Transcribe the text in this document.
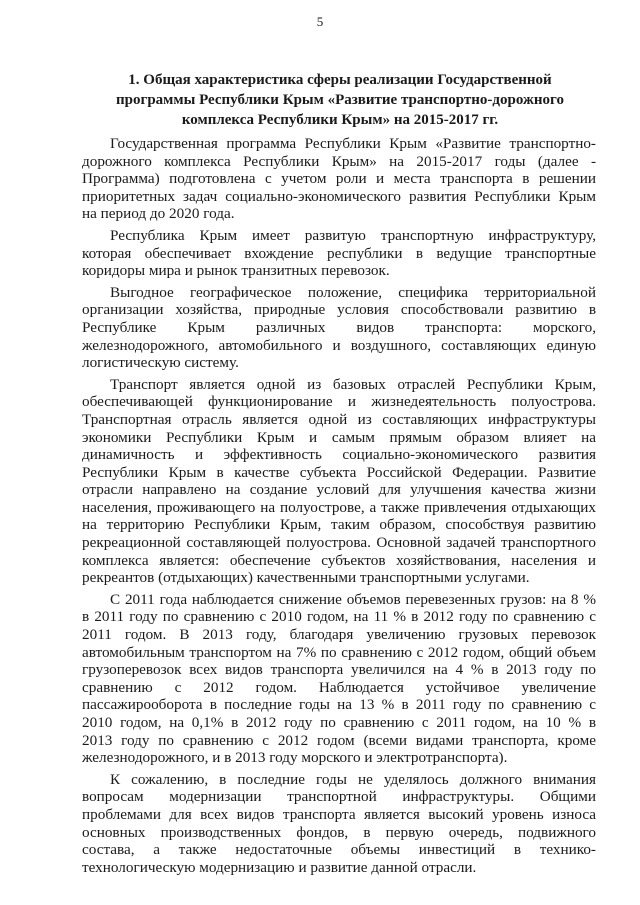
5
1. Общая характеристика сферы реализации Государственной
программы Республики Крым «Развитие транспортно-дорожного
комплекса Республики Крым» на 2015-2017 гг.
Государственная программа Республики Крым «Развитие транспортно-
дорожного комплекса Республики Крым» на 2015-2017 годы (далее -
Программа) подготовлена с учетом роли и места транспорта в решении
приоритетных задач социально-экономического развития Республики Крым
на период до 2020 года.
Республика Крым имеет развитую транспортную инфраструктуру,
которая обеспечивает вхождение республики в ведущие транспортные
коридоры мира и рынок транзитных перевозок.
Выгодное географическое положение, специфика территориальной
организации хозяйства, природные условия способствовали развитию в
Республике Крым различных видов транспорта: морского,
железнодорожного, автомобильного и воздушного, составляющих единую
логистическую систему.
Транспорт является одной из базовых отраслей Республики Крым,
обеспечивающей функционирование и жизнедеятельность полуострова.
Транспортная отрасль является одной из составляющих инфраструктуры
экономики Республики Крым и самым прямым образом влияет на
динамичность и эффективность социально-экономического развития
Республики Крым в качестве субъекта Российской Федерации. Развитие
отрасли направлено на создание условий для улучшения качества жизни
населения, проживающего на полуострове, а также привлечения отдыхающих
на территорию Республики Крым, таким образом, способствуя развитию
рекреационной составляющей полуострова. Основной задачей транспортного
комплекса является: обеспечение субъектов хозяйствования, населения и
рекреантов (отдыхающих) качественными транспортными услугами.
С 2011 года наблюдается снижение объемов перевезенных грузов: на 8 %
в 2011 году по сравнению с 2010 годом, на 11 % в 2012 году по сравнению с
2011 годом. В 2013 году, благодаря увеличению грузовых перевозок
автомобильным транспортом на 7% по сравнению с 2012 годом, общий объем
грузоперевозок всех видов транспорта увеличился на 4 % в 2013 году по
сравнению с 2012 годом. Наблюдается устойчивое увеличение
пассажирооборота в последние годы на 13 % в 2011 году по сравнению с
2010 годом, на 0,1% в 2012 году по сравнению с 2011 годом, на 10 % в
2013 году по сравнению с 2012 годом (всеми видами транспорта, кроме
железнодорожного, и в 2013 году морского и электротранспорта).
К сожалению, в последние годы не уделялось должного внимания
вопросам модернизации транспортной инфраструктуры. Общими
проблемами для всех видов транспорта является высокий уровень износа
основных производственных фондов, в первую очередь, подвижного
состава, а также недостаточные объемы инвестиций в технико-
технологическую модернизацию и развитие данной отрасли.
